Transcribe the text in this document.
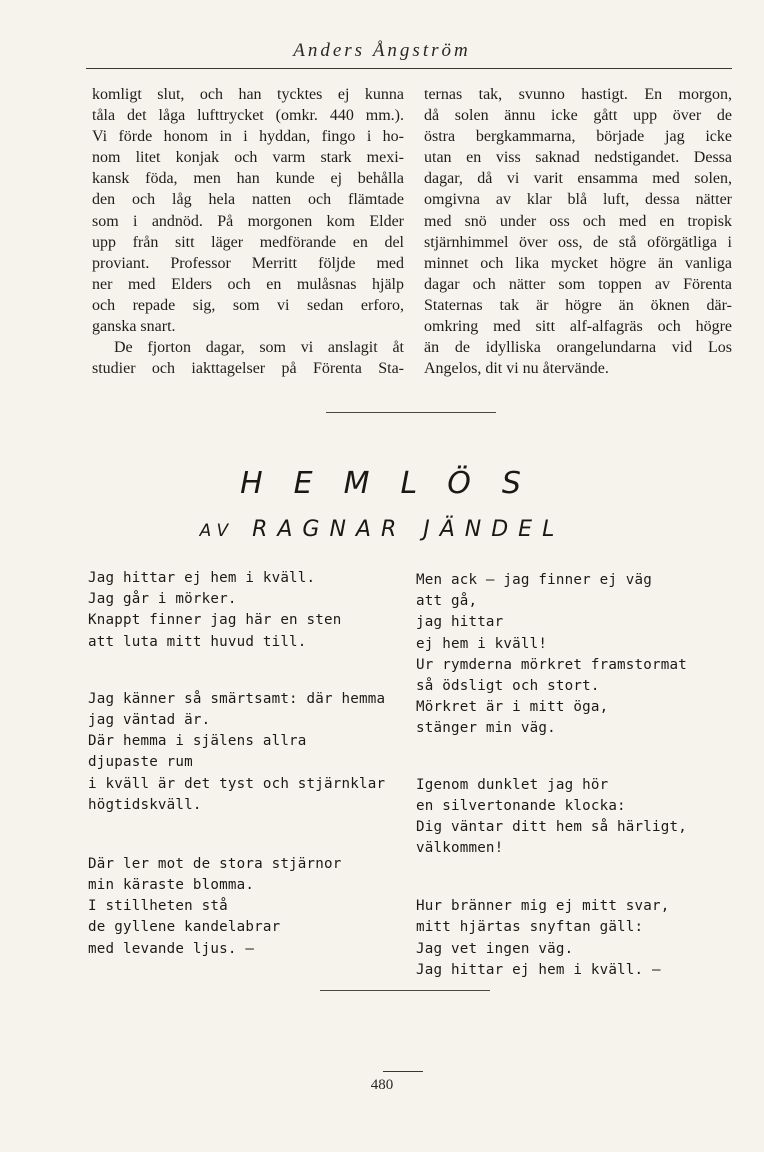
Anders Ångström

komligt slut, och han tycktes ej kunna

tåla det låga lufttrycket (omkr. 440 mm.).

Vi förde honom in i hyddan, fingo i ho-

nom litet konjak och varm stark mexi-

kansk föda, men han kunde ej behålla

den och låg hela natten och flämtade

som i andnöd. På morgonen kom Elder

upp från sitt läger medförande en del

proviant. Professor Merritt följde med

ner med Elders och en mulåsnas hjälp

och repade sig, som vi sedan erforo,

ganska snart.

De fjorton dagar, som vi anslagit åt

studier och iakttagelser på Förenta Sta-

ternas tak, svunno hastigt. En morgon,

då solen ännu icke gått upp över de

östra bergkammarna, började jag icke

utan en viss saknad nedstigandet. Dessa

dagar, då vi varit ensamma med solen,

omgivna av klar blå luft, dessa nätter

med snö under oss och med en tropisk

stjärnhimmel över oss, de stå oförgätliga i

minnet och lika mycket högre än vanliga

dagar och nätter som toppen av Förenta

Staternas tak är högre än öknen där-

omkring med sitt alf-alfagräs och högre

än de idylliska orangelundarna vid Los

Angelos, dit vi nu återvände.

HEMLÖS
AV RAGNAR JÄNDEL
Jag hittar ej hem i kväll.
Jag går i mörker.
Knappt finner jag här en sten
att luta mitt huvud till.
Jag känner så smärtsamt: där hemma
jag väntad är.
Där hemma i själens allra
djupaste rum
i kväll är det tyst och stjärnklar
högtidskväll.
Där ler mot de stora stjärnor
min käraste blomma.
I stillheten stå
de gyllene kandelabrar
med levande ljus. —
Men ack — jag finner ej väg
att gå,
jag hittar
ej hem i kväll!
Ur rymderna mörkret framstormat
så ödsligt och stort.
Mörkret är i mitt öga,
stänger min väg.
Igenom dunklet jag hör
en silvertonande klocka:
Dig väntar ditt hem så härligt,
välkommen!
Hur bränner mig ej mitt svar,
mitt hjärtas snyftan gäll:
Jag vet ingen väg.
Jag hittar ej hem i kväll. —
480
